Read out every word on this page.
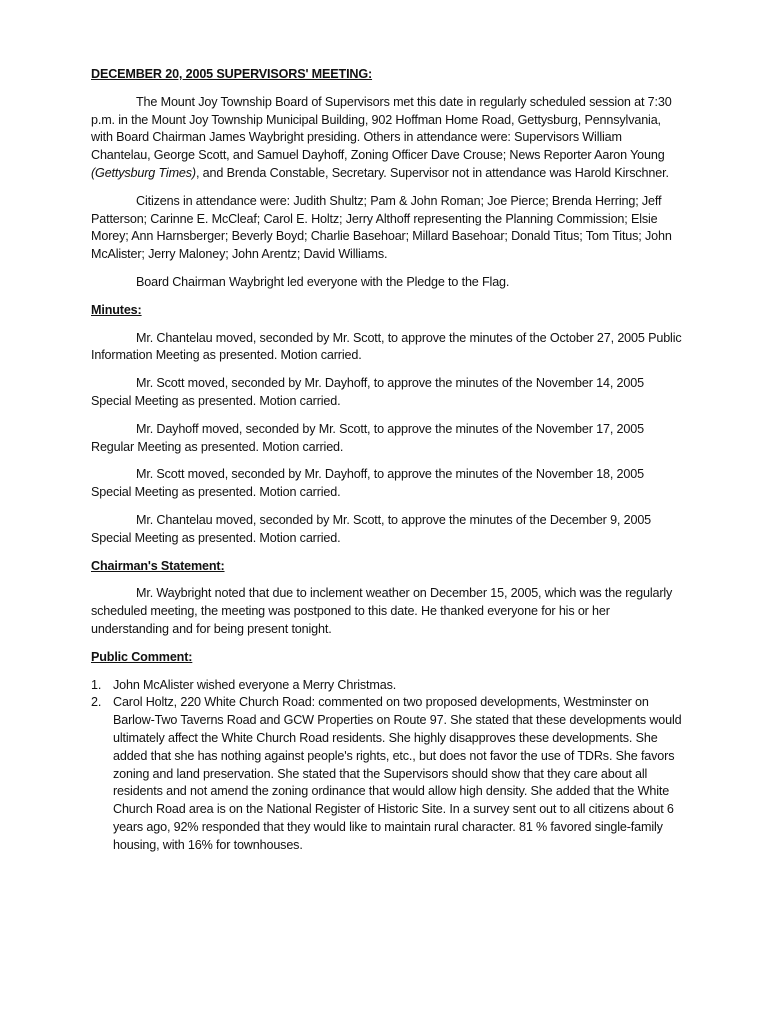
DECEMBER 20, 2005 SUPERVISORS' MEETING:

The Mount Joy Township Board of Supervisors met this date in regularly scheduled session at 7:30 p.m. in the Mount Joy Township Municipal Building, 902 Hoffman Home Road, Gettysburg, Pennsylvania, with Board Chairman James Waybright presiding. Others in attendance were: Supervisors William Chantelau, George Scott, and Samuel Dayhoff, Zoning Officer Dave Crouse; News Reporter Aaron Young (Gettysburg Times), and Brenda Constable, Secretary. Supervisor not in attendance was Harold Kirschner.

Citizens in attendance were: Judith Shultz; Pam & John Roman; Joe Pierce; Brenda Herring; Jeff Patterson; Carinne E. McCleaf; Carol E. Holtz; Jerry Althoff representing the Planning Commission; Elsie Morey; Ann Harnsberger; Beverly Boyd; Charlie Basehoar; Millard Basehoar; Donald Titus; Tom Titus; John McAlister; Jerry Maloney; John Arentz; David Williams.

Board Chairman Waybright led everyone with the Pledge to the Flag.

Minutes:

Mr. Chantelau moved, seconded by Mr. Scott, to approve the minutes of the October 27, 2005 Public Information Meeting as presented. Motion carried.

Mr. Scott moved, seconded by Mr. Dayhoff, to approve the minutes of the November 14, 2005 Special Meeting as presented. Motion carried.

Mr. Dayhoff moved, seconded by Mr. Scott, to approve the minutes of the November 17, 2005 Regular Meeting as presented. Motion carried.

Mr. Scott moved, seconded by Mr. Dayhoff, to approve the minutes of the November 18, 2005 Special Meeting as presented. Motion carried.

Mr. Chantelau moved, seconded by Mr. Scott, to approve the minutes of the December 9, 2005 Special Meeting as presented. Motion carried.

Chairman's Statement:

Mr. Waybright noted that due to inclement weather on December 15, 2005, which was the regularly scheduled meeting, the meeting was postponed to this date. He thanked everyone for his or her understanding and for being present tonight.

Public Comment:
1. John McAlister wished everyone a Merry Christmas.
2. Carol Holtz, 220 White Church Road: commented on two proposed developments, Westminster on Barlow-Two Taverns Road and GCW Properties on Route 97. She stated that these developments would ultimately affect the White Church Road residents. She highly disapproves these developments. She added that she has nothing against people's rights, etc., but does not favor the use of TDRs. She favors zoning and land preservation. She stated that the Supervisors should show that they care about all residents and not amend the zoning ordinance that would allow high density. She added that the White Church Road area is on the National Register of Historic Site. In a survey sent out to all citizens about 6 years ago, 92% responded that they would like to maintain rural character. 81 % favored single-family housing, with 16% for townhouses.
